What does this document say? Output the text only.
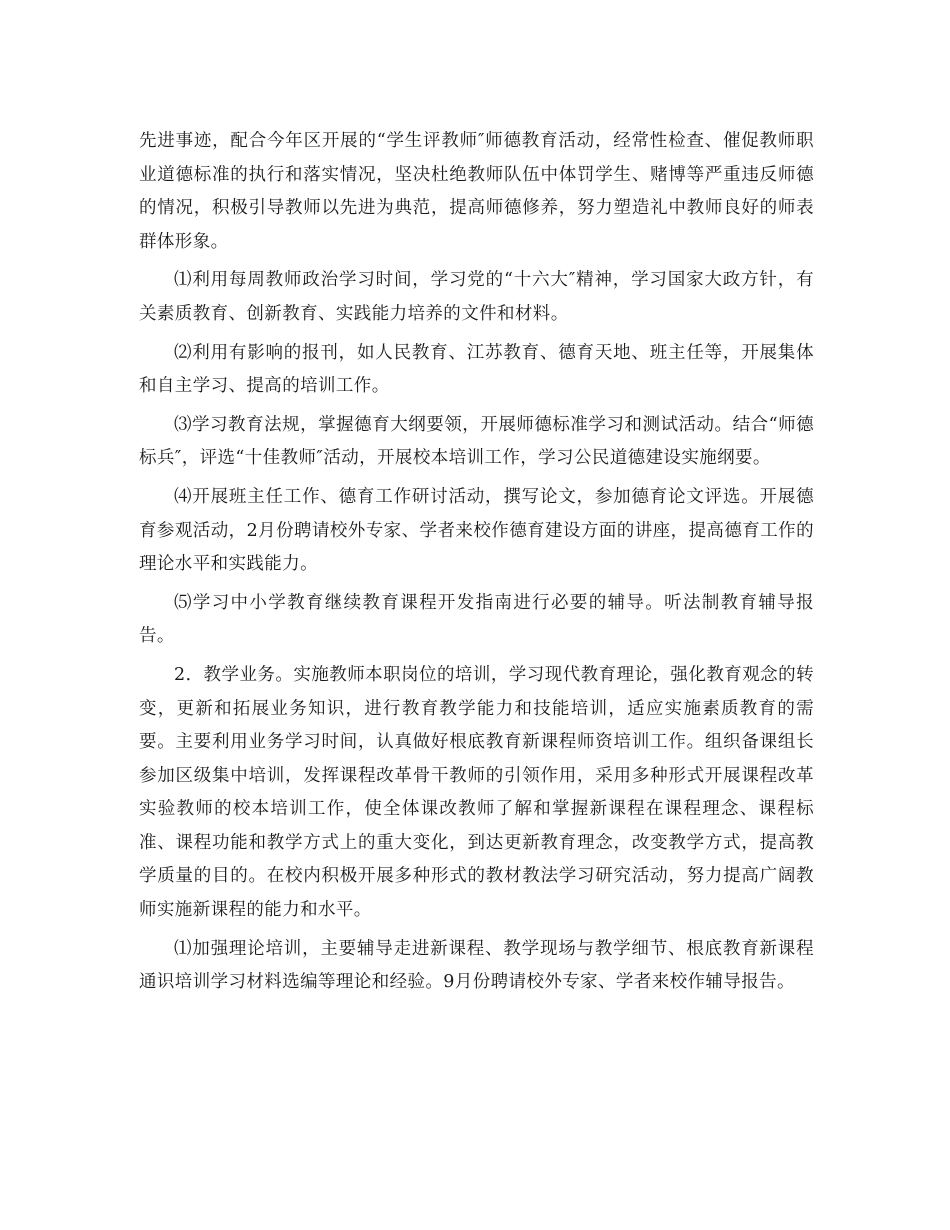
先进事迹，配合今年区开展的“学生评教师″师德教育活动，经常性检查、催促教师职业道德标准的执行和落实情况，坚决杜绝教师队伍中体罚学生、赌博等严重违反师德的情况，积极引导教师以先进为典范，提高师德修养，努力塑造礼中教师良好的师表群体形象。

⑴利用每周教师政治学习时间，学习党的“十六大″精神，学习国家大政方针，有关素质教育、创新教育、实践能力培养的文件和材料。

⑵利用有影响的报刊，如人民教育、江苏教育、德育天地、班主任等，开展集体和自主学习、提高的培训工作。

⑶学习教育法规，掌握德育大纲要领，开展师德标准学习和测试活动。结合“师德标兵″，评选“十佳教师″活动，开展校本培训工作，学习公民道德建设实施纲要。

⑷开展班主任工作、德育工作研讨活动，撰写论文，参加德育论文评选。开展德育参观活动，2月份聘请校外专家、学者来校作德育建设方面的讲座，提高德育工作的理论水平和实践能力。

⑸学习中小学教育继续教育课程开发指南进行必要的辅导。听法制教育辅导报告。

2．教学业务。实施教师本职岗位的培训，学习现代教育理论，强化教育观念的转变，更新和拓展业务知识，进行教育教学能力和技能培训，适应实施素质教育的需要。主要利用业务学习时间，认真做好根底教育新课程师资培训工作。组织备课组长参加区级集中培训，发挥课程改革骨干教师的引领作用，采用多种形式开展课程改革实验教师的校本培训工作，使全体课改教师了解和掌握新课程在课程理念、课程标准、课程功能和教学方式上的重大变化，到达更新教育理念，改变教学方式，提高教学质量的目的。在校内积极开展多种形式的教材教法学习研究活动，努力提高广阔教师实施新课程的能力和水平。

⑴加强理论培训，主要辅导走进新课程、教学现场与教学细节、根底教育新课程通识培训学习材料选编等理论和经验。9月份聘请校外专家、学者来校作辅导报告。
